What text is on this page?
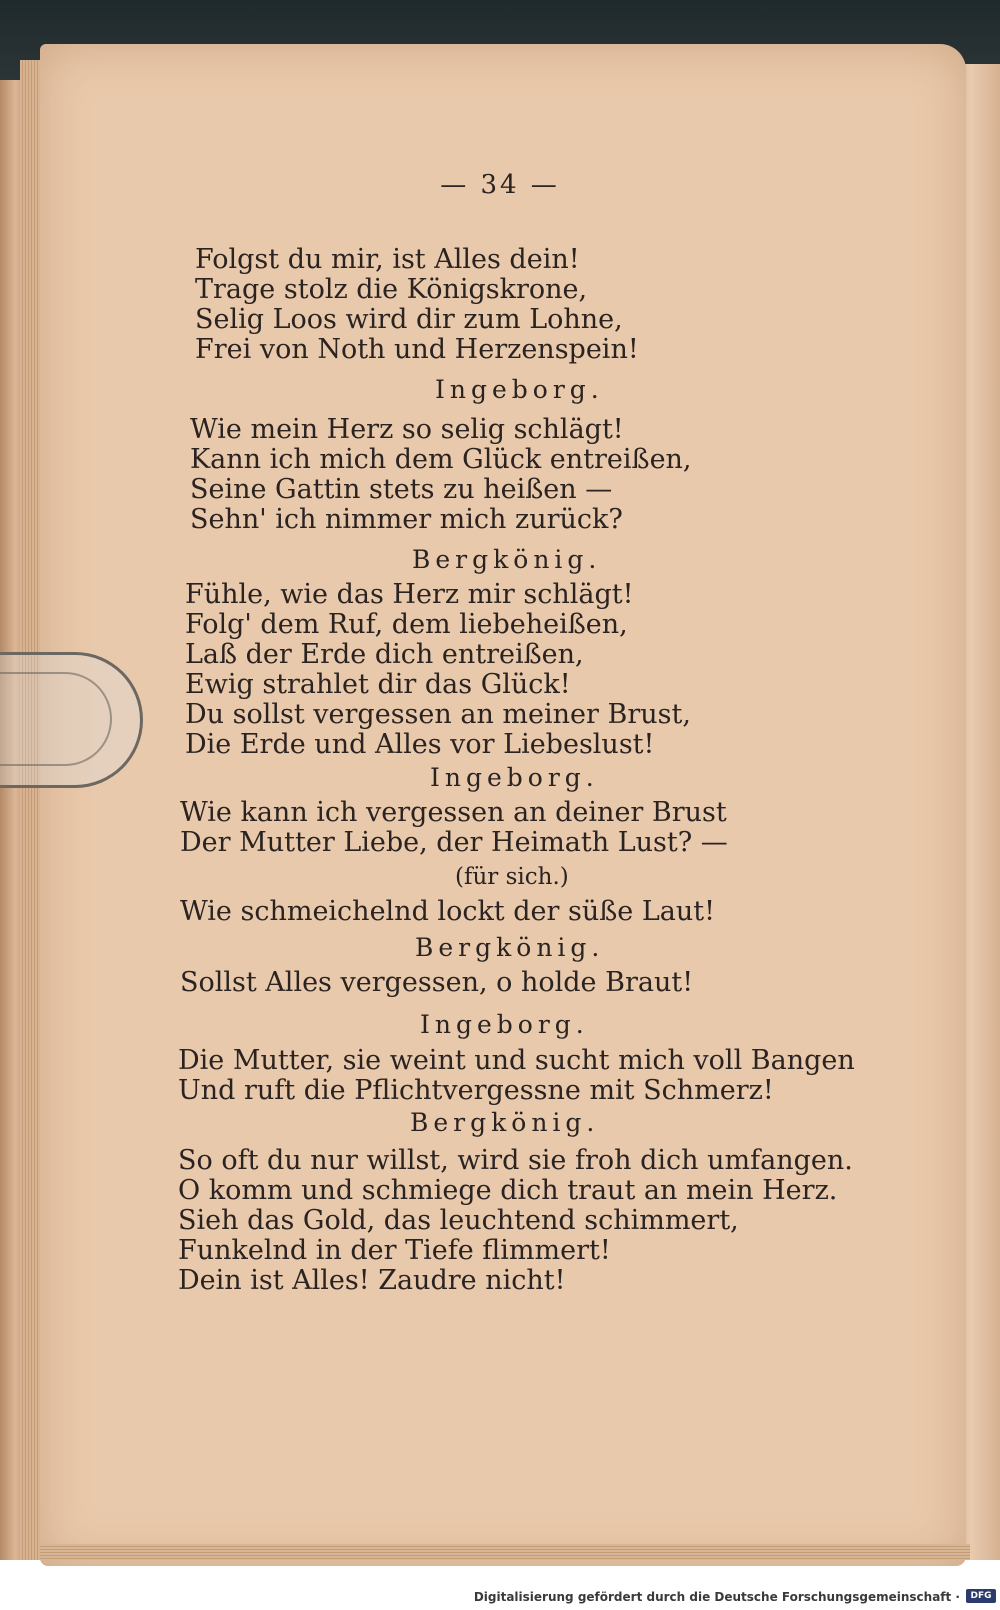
— 34 —
Folgst du mir, ist Alles dein!
Trage stolz die Königskrone,
Selig Loos wird dir zum Lohne,
Frei von Noth und Herzenspein!
Ingeborg.
Wie mein Herz so selig schlägt!
Kann ich mich dem Glück entreißen,
Seine Gattin stets zu heißen —
Sehn' ich nimmer mich zurück?
Bergkönig.
Fühle, wie das Herz mir schlägt!
Folg' dem Ruf, dem liebeheißen,
Laß der Erde dich entreißen,
Ewig strahlet dir das Glück!
Du sollst vergessen an meiner Brust,
Die Erde und Alles vor Liebeslust!
Ingeborg.
Wie kann ich vergessen an deiner Brust
Der Mutter Liebe, der Heimath Lust? —
(für sich.)
Wie schmeichelnd lockt der süße Laut!
Bergkönig.
Sollst Alles vergessen, o holde Braut!
Ingeborg.
Die Mutter, sie weint und sucht mich voll Bangen
Und ruft die Pflichtvergessne mit Schmerz!
Bergkönig.
So oft du nur willst, wird sie froh dich umfangen.
O komm und schmiege dich traut an mein Herz.
Sieh das Gold, das leuchtend schimmert,
Funkelnd in der Tiefe flimmert!
Dein ist Alles! Zaudre nicht!
Digitalisierung gefördert durch die Deutsche Forschungsgemeinschaft ·	DFG
